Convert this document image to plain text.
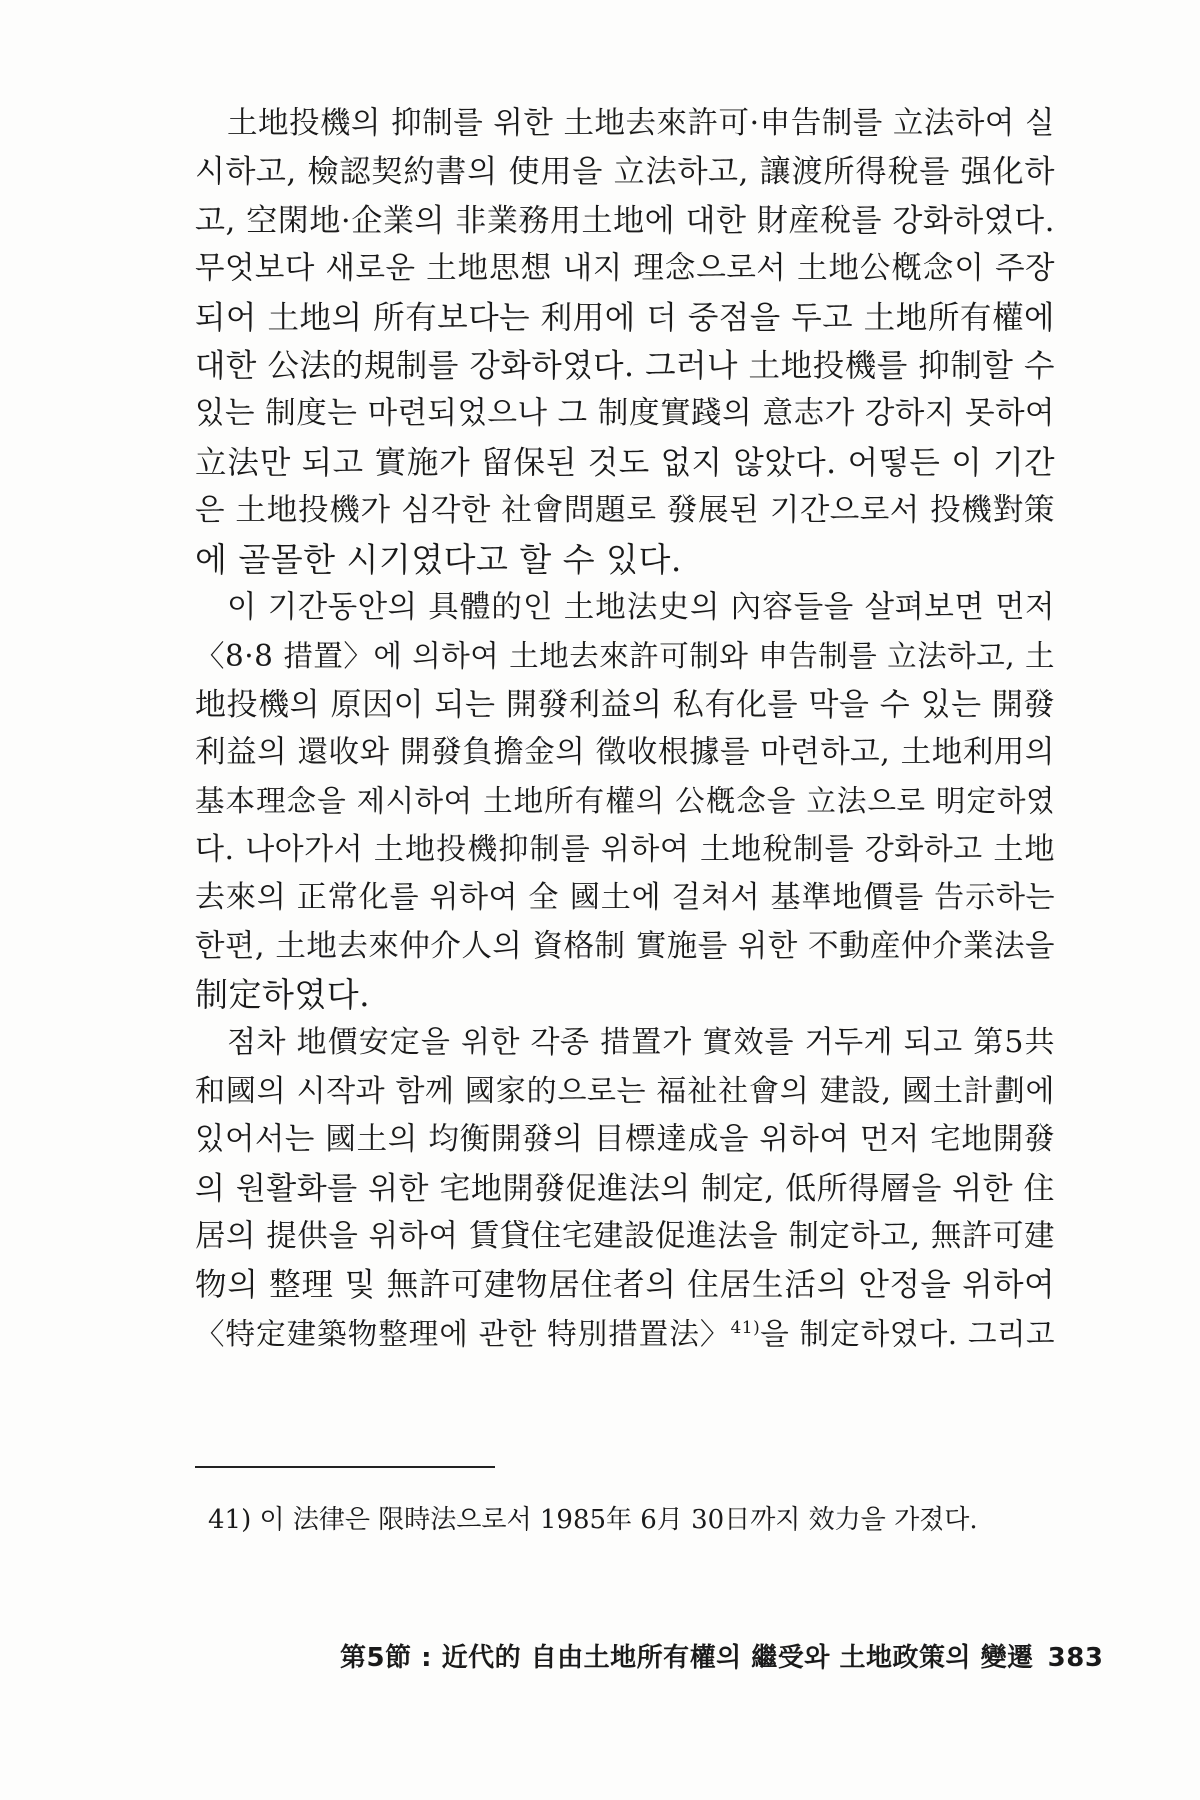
土地投機의 抑制를 위한 土地去來許可·申告制를 立法하여 실
시하고, 檢認契約書의 使用을 立法하고, 讓渡所得稅를 强化하
고, 空閑地·企業의 非業務用土地에 대한 財産稅를 강화하였다.
무엇보다 새로운 土地思想 내지 理念으로서 土地公槪念이 주장
되어 土地의 所有보다는 利用에 더 중점을 두고 土地所有權에
대한 公法的規制를 강화하였다. 그러나 土地投機를 抑制할 수
있는 制度는 마련되었으나 그 制度實踐의 意志가 강하지 못하여
立法만 되고 實施가 留保된 것도 없지 않았다. 어떻든 이 기간
은 土地投機가 심각한 社會問題로 發展된 기간으로서 投機對策
에 골몰한 시기였다고 할 수 있다.
이 기간동안의 具體的인 土地法史의 內容들을 살펴보면 먼저
〈8·8 措置〉에 의하여 土地去來許可制와 申告制를 立法하고, 土
地投機의 原因이 되는 開發利益의 私有化를 막을 수 있는 開發
利益의 還收와 開發負擔金의 徵收根據를 마련하고, 土地利用의
基本理念을 제시하여 土地所有權의 公槪念을 立法으로 明定하였
다. 나아가서 土地投機抑制를 위하여 土地稅制를 강화하고 土地
去來의 正常化를 위하여 全 國土에 걸쳐서 基準地價를 告示하는
한편, 土地去來仲介人의 資格制 實施를 위한 不動産仲介業法을
制定하였다.
점차 地價安定을 위한 각종 措置가 實效를 거두게 되고 第5共
和國의 시작과 함께 國家的으로는 福祉社會의 建設, 國土計劃에
있어서는 國土의 均衡開發의 目標達成을 위하여 먼저 宅地開發
의 원활화를 위한 宅地開發促進法의 制定, 低所得層을 위한 住
居의 提供을 위하여 賃貸住宅建設促進法을 制定하고, 無許可建
物의 整理 및 無許可建物居住者의 住居生活의 안정을 위하여
〈特定建築物整理에 관한 特別措置法〉$^{41)}$을 制定하였다. 그리고
41) 이 法律은 限時法으로서 1985年 6月 30日까지 效力을 가졌다.
第5節 : 近代的 自由土地所有權의 繼受와 土地政策의 變遷 383
